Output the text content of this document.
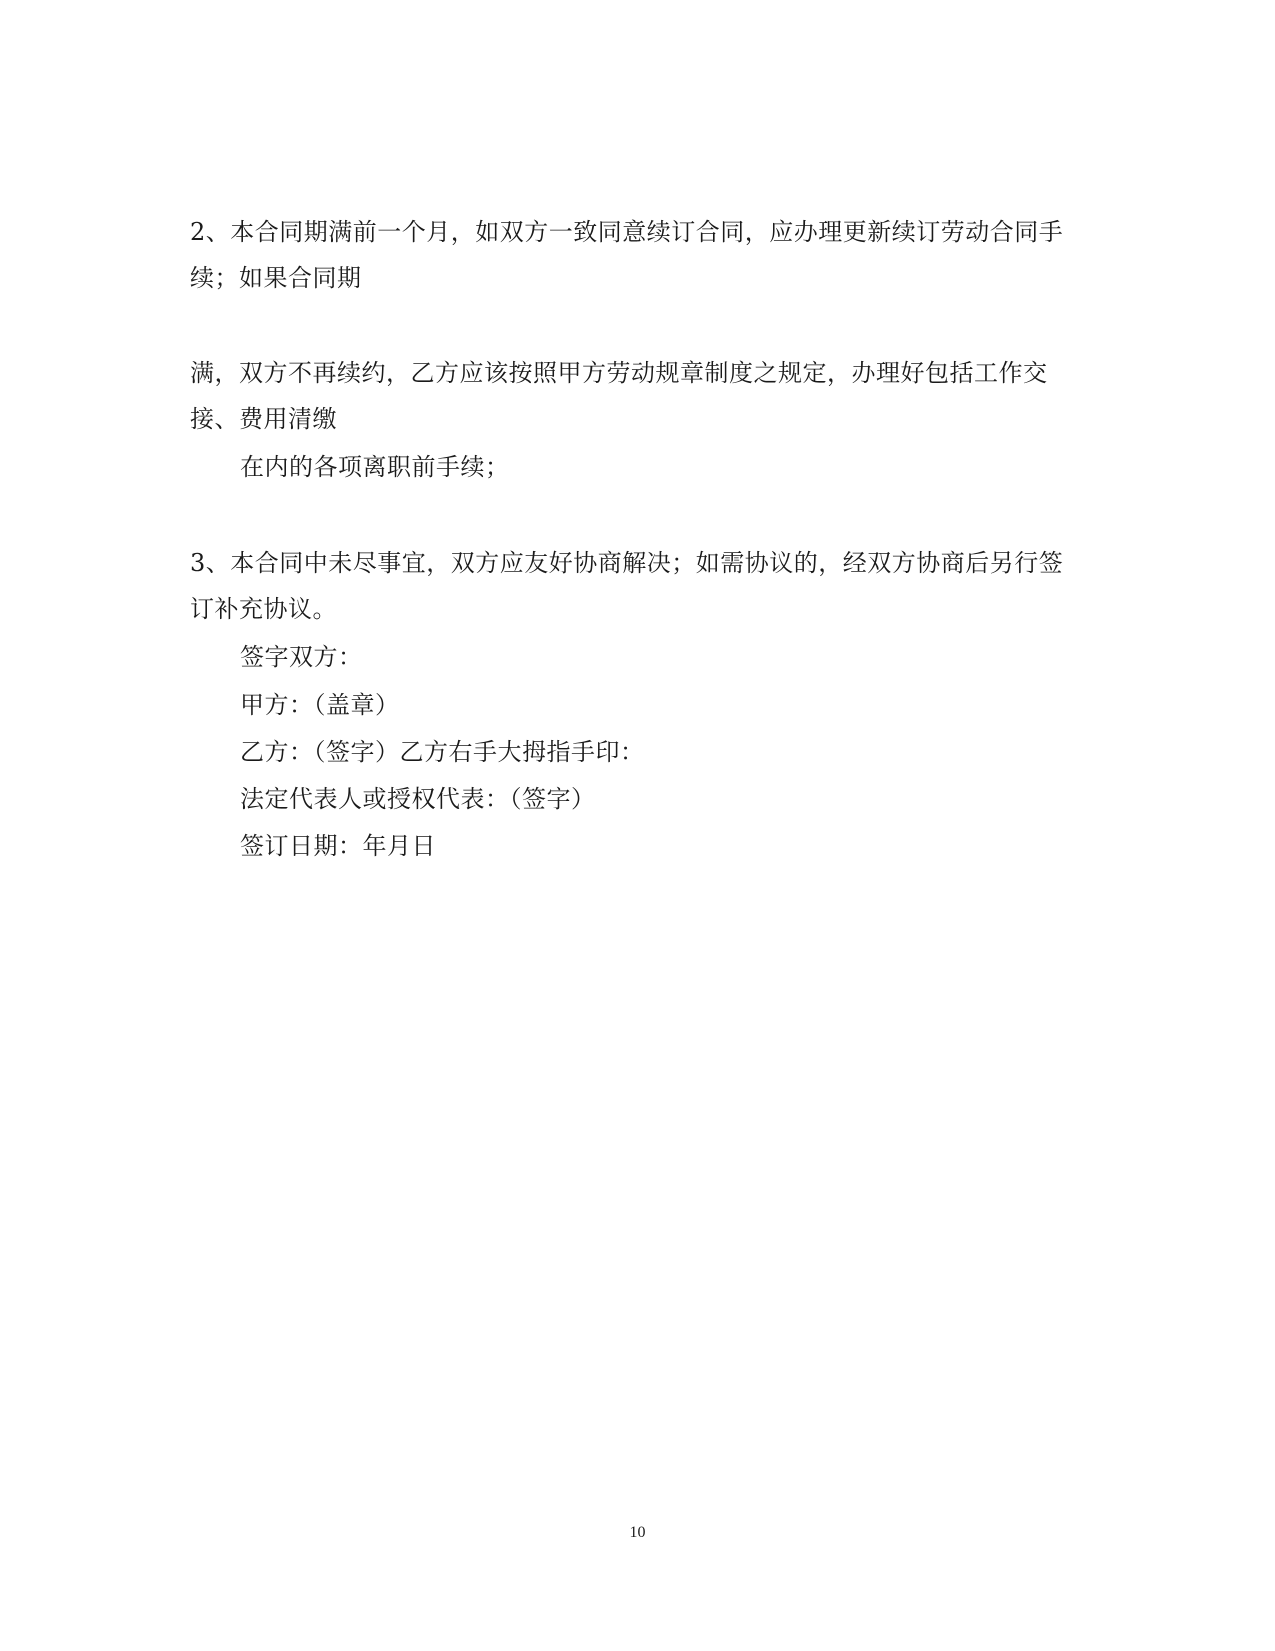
2、本合同期满前一个月，如双方一致同意续订合同，应办理更新续订劳动合同手
续；如果合同期
满，双方不再续约，乙方应该按照甲方劳动规章制度之规定，办理好包括工作交
接、费用清缴
在内的各项离职前手续；
3、本合同中未尽事宜，双方应友好协商解决；如需协议的，经双方协商后另行签
订补充协议。
签字双方：
甲方：（盖章）
乙方：（签字）乙方右手大拇指手印：
法定代表人或授权代表：（签字）
签订日期：年月日
10
